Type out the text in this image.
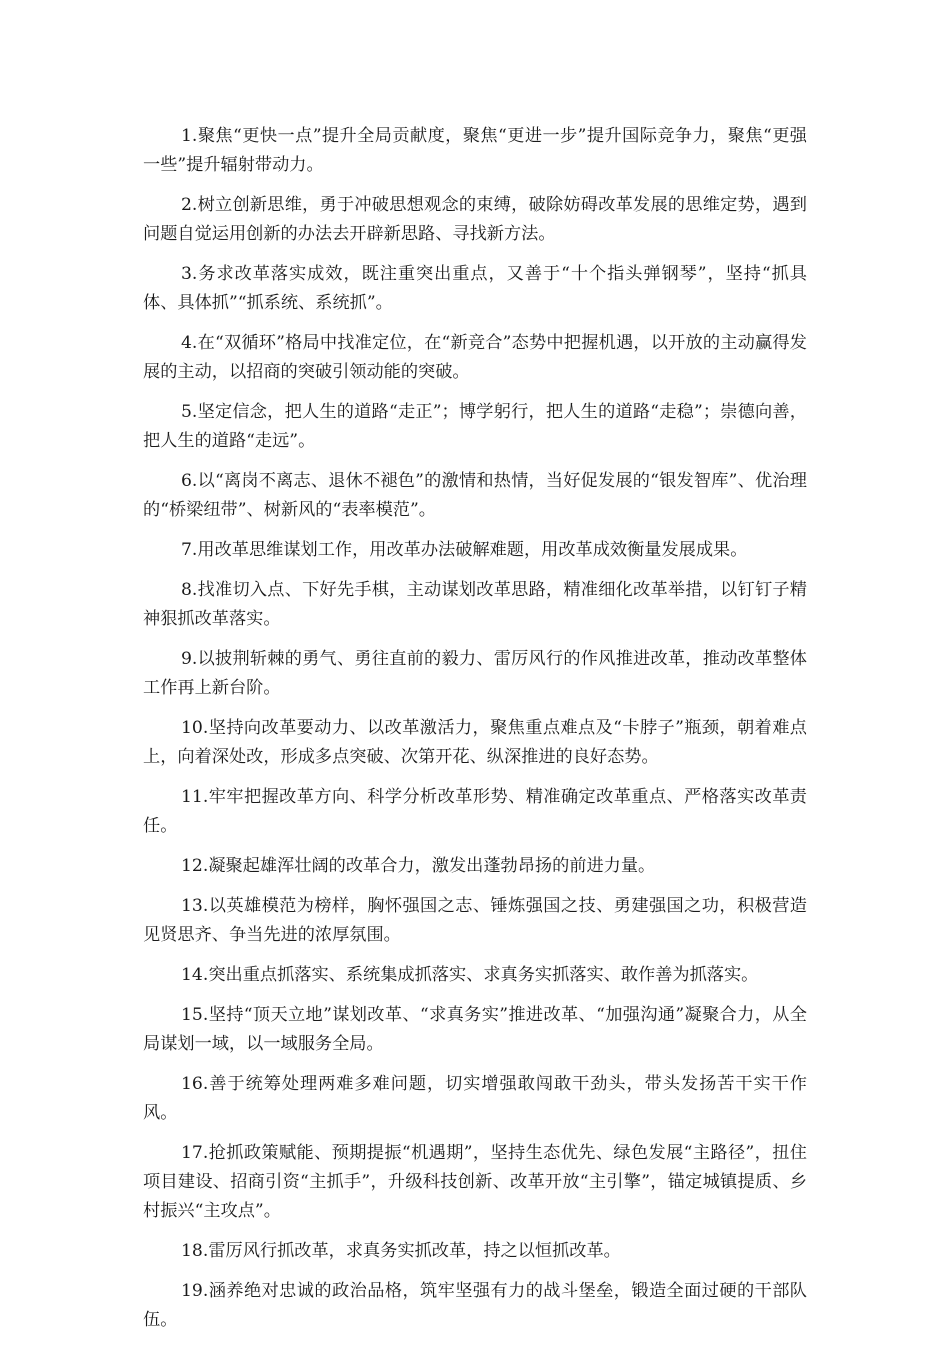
1.聚焦“更快一点”提升全局贡献度，聚焦“更进一步”提升国际竞争力，聚焦“更强一些”提升辐射带动力。

2.树立创新思维，勇于冲破思想观念的束缚，破除妨碍改革发展的思维定势，遇到问题自觉运用创新的办法去开辟新思路、寻找新方法。

3.务求改革落实成效，既注重突出重点，又善于“十个指头弹钢琴”，坚持“抓具体、具体抓”“抓系统、系统抓”。

4.在“双循环”格局中找准定位，在“新竞合”态势中把握机遇，以开放的主动赢得发展的主动，以招商的突破引领动能的突破。

5.坚定信念，把人生的道路“走正”；博学躬行，把人生的道路“走稳”；崇德向善，把人生的道路“走远”。

6.以“离岗不离志、退休不褪色”的激情和热情，当好促发展的“银发智库”、优治理的“桥梁纽带”、树新风的“表率模范”。

7.用改革思维谋划工作，用改革办法破解难题，用改革成效衡量发展成果。

8.找准切入点、下好先手棋，主动谋划改革思路，精准细化改革举措，以钉钉子精神狠抓改革落实。

9.以披荆斩棘的勇气、勇往直前的毅力、雷厉风行的作风推进改革，推动改革整体工作再上新台阶。

10.坚持向改革要动力、以改革激活力，聚焦重点难点及“卡脖子”瓶颈，朝着难点上，向着深处改，形成多点突破、次第开花、纵深推进的良好态势。

11.牢牢把握改革方向、科学分析改革形势、精准确定改革重点、严格落实改革责任。

12.凝聚起雄浑壮阔的改革合力，激发出蓬勃昂扬的前进力量。

13.以英雄模范为榜样，胸怀强国之志、锤炼强国之技、勇建强国之功，积极营造见贤思齐、争当先进的浓厚氛围。

14.突出重点抓落实、系统集成抓落实、求真务实抓落实、敢作善为抓落实。

15.坚持“顶天立地”谋划改革、“求真务实”推进改革、“加强沟通”凝聚合力，从全局谋划一域，以一域服务全局。

16.善于统筹处理两难多难问题，切实增强敢闯敢干劲头，带头发扬苦干实干作风。

17.抢抓政策赋能、预期提振“机遇期”，坚持生态优先、绿色发展“主路径”，扭住项目建设、招商引资“主抓手”，升级科技创新、改革开放“主引擎”，锚定城镇提质、乡村振兴“主攻点”。

18.雷厉风行抓改革，求真务实抓改革，持之以恒抓改革。

19.涵养绝对忠诚的政治品格，筑牢坚强有力的战斗堡垒，锻造全面过硬的干部队伍。
